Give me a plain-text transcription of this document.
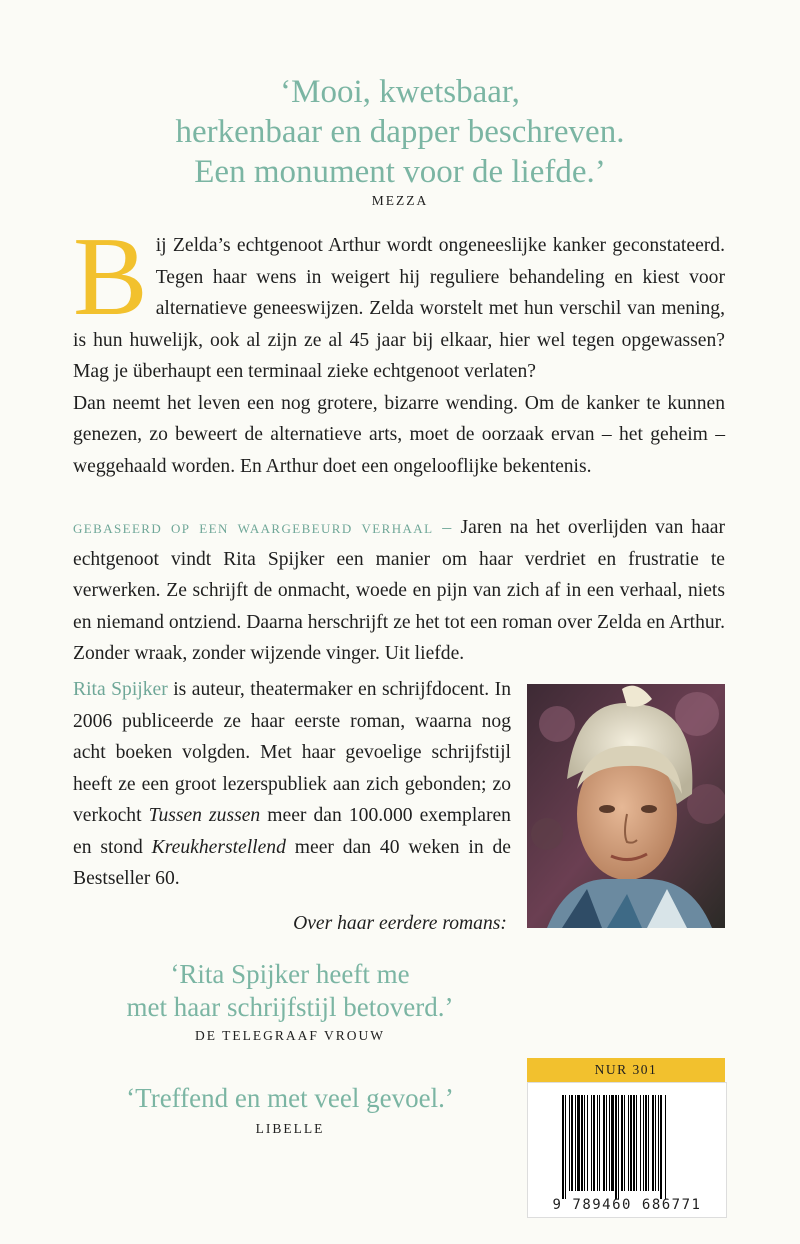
‘Mooi, kwetsbaar,
herkenbaar en dapper beschreven.
Een monument voor de liefde.’
MEZZA

Bij Zelda’s echtgenoot Arthur wordt ongeneeslijke kanker geconstateerd. Tegen haar wens in weigert hij reguliere behandeling en kiest voor alternatieve geneeswijzen. Zelda worstelt met hun verschil van mening, is hun huwelijk, ook al zijn ze al 45 jaar bij elkaar, hier wel tegen opgewassen? Mag je überhaupt een terminaal zieke echtgenoot verlaten?

Dan neemt het leven een nog grotere, bizarre wending. Om de kanker te kunnen genezen, zo beweert de alternatieve arts, moet de oorzaak ervan – het geheim – weggehaald worden. En Arthur doet een ongelooflijke bekentenis.

gebaseerd op een waargebeurd verhaal – Jaren na het overlijden van haar echtgenoot vindt Rita Spijker een manier om haar verdriet en frustratie te verwerken. Ze schrijft de onmacht, woede en pijn van zich af in een verhaal, niets en niemand ontziend. Daarna herschrijft ze het tot een roman over Zelda en Arthur. Zonder wraak, zonder wijzende vinger. Uit liefde.
Rita Spijker is auteur, theatermaker en schrijfdocent. In 2006 publiceerde ze haar eerste roman, waarna nog acht boeken volgden. Met haar gevoelige schrijfstijl heeft ze een groot lezerspubliek aan zich gebonden; zo verkocht Tussen zussen meer dan 100.000 exemplaren en stond Kreukherstellend meer dan 40 weken in de Bestseller 60.
Over haar eerdere romans:
‘Rita Spijker heeft me
met haar schrijfstijl betoverd.’
DE TELEGRAAF VROUW
‘Treffend en met veel gevoel.’
LIBELLE
NUR 301
9 789460 686771
